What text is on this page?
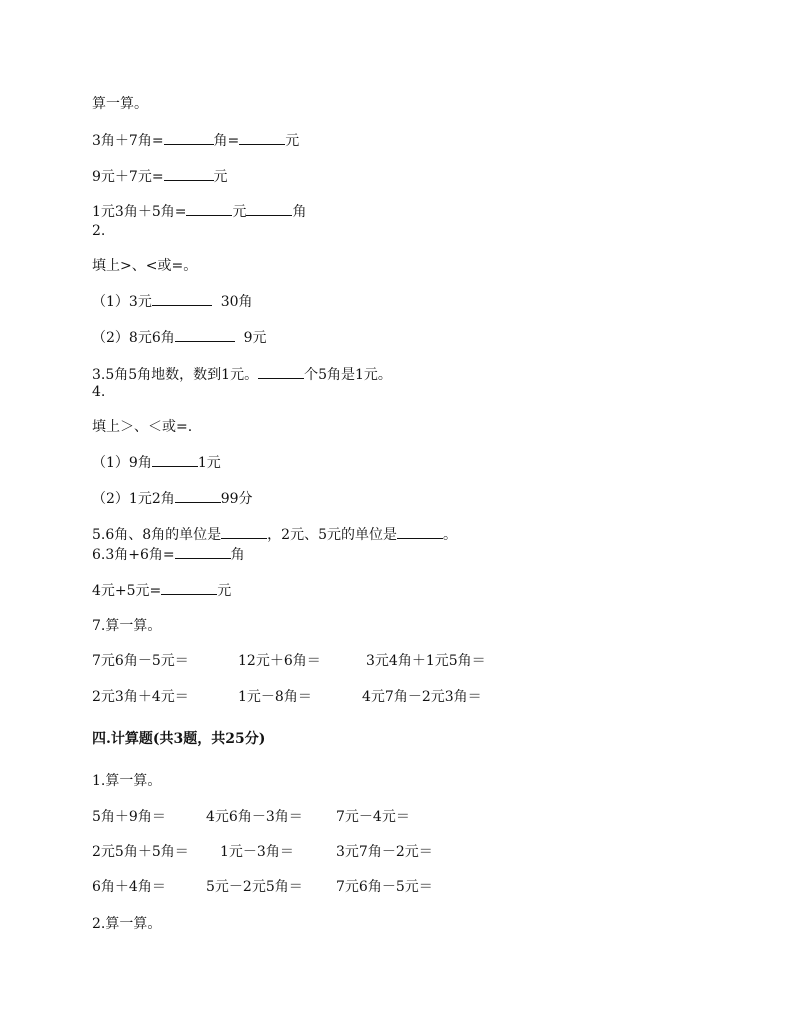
算一算。
3角＋7角=	角=	元
9元＋7元=	元
1元3角＋5角=	元	角
2.
填上>、<或=。
（1）3元	30角
（2）8元6角	9元
3.5角5角地数，数到1元。	个5角是1元。
4.
填上＞、＜或=.
（1）9角	1元
（2）1元2角	99分
5.6角、8角的单位是	，2元、5元的单位是	。
6.3角+6角=	角
4元+5元=	元
7.算一算。
7元6角－5元＝	12元＋6角＝	3元4角＋1元5角＝
2元3角＋4元＝	1元－8角＝	4元7角－2元3角＝
四.计算题(共3题，共25分)
1.算一算。
5角＋9角＝	4元6角－3角＝ 7元－4元＝
2元5角＋5角＝ 1元－3角＝	3元7角－2元＝
6角＋4角＝	5元－2元5角＝ 7元6角－5元＝
2.算一算。
